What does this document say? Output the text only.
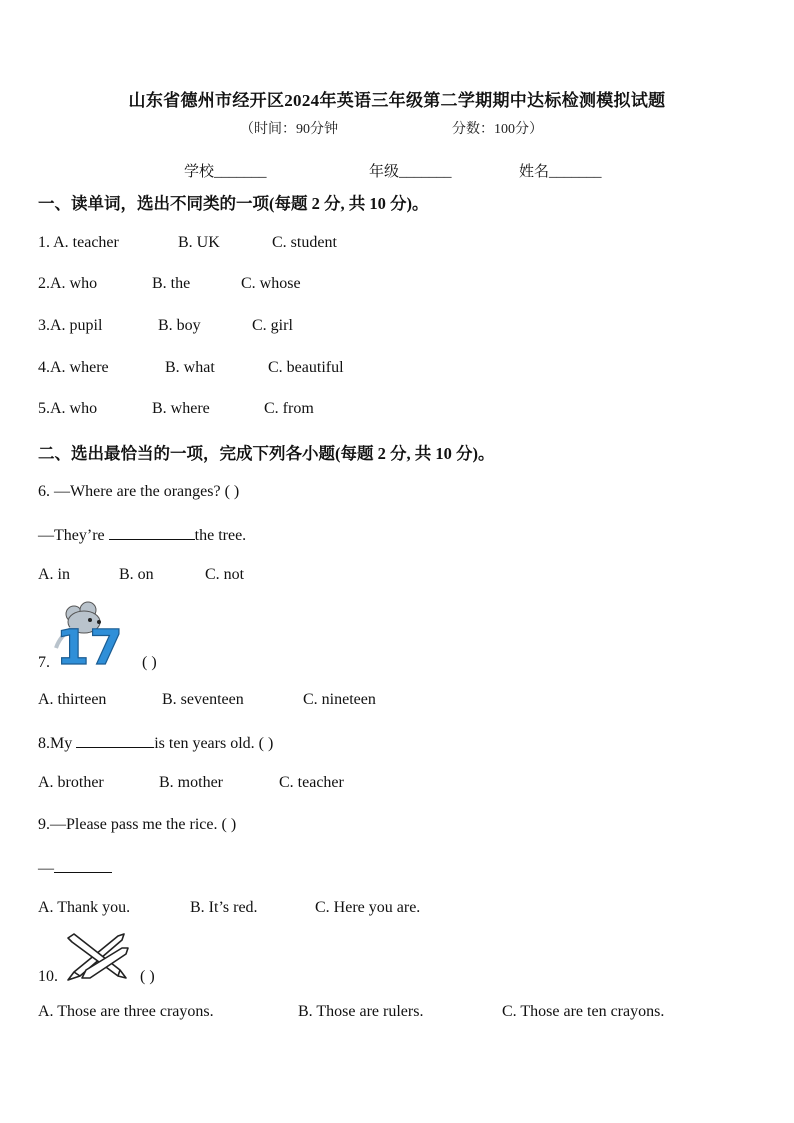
山东省德州市经开区2024年英语三年级第二学期期中达标检测模拟试题
（时间：90分钟	分数：100分）
学校_______	年级_______	姓名_______
一、读单词，选出不同类的一项(每题 2 分, 共 10 分)。
1. A. teacher	B. UK	C. student
2.A. who	B. the	C. whose
3.A. pupil	B. boy	C. girl
4.A. where	B. what	C. beautiful
5.A. who	B. where	C. from
二、选出最恰当的一项，完成下列各小题(每题 2 分, 共 10 分)。
6. —Where are the oranges? ( )
—They’re	the tree.
A. in	B. on	C. not
7. 17 ( )
A. thirteen	B. seventeen	C. nineteen
8.My	is ten years old. ( )
A. brother	B. mother	C. teacher
9.—Please pass me the rice. ( )
—
A. Thank you.	B. It’s red.	C. Here you are.
10.	( )
A. Those are three crayons.	B. Those are rulers.	C. Those are ten crayons.
